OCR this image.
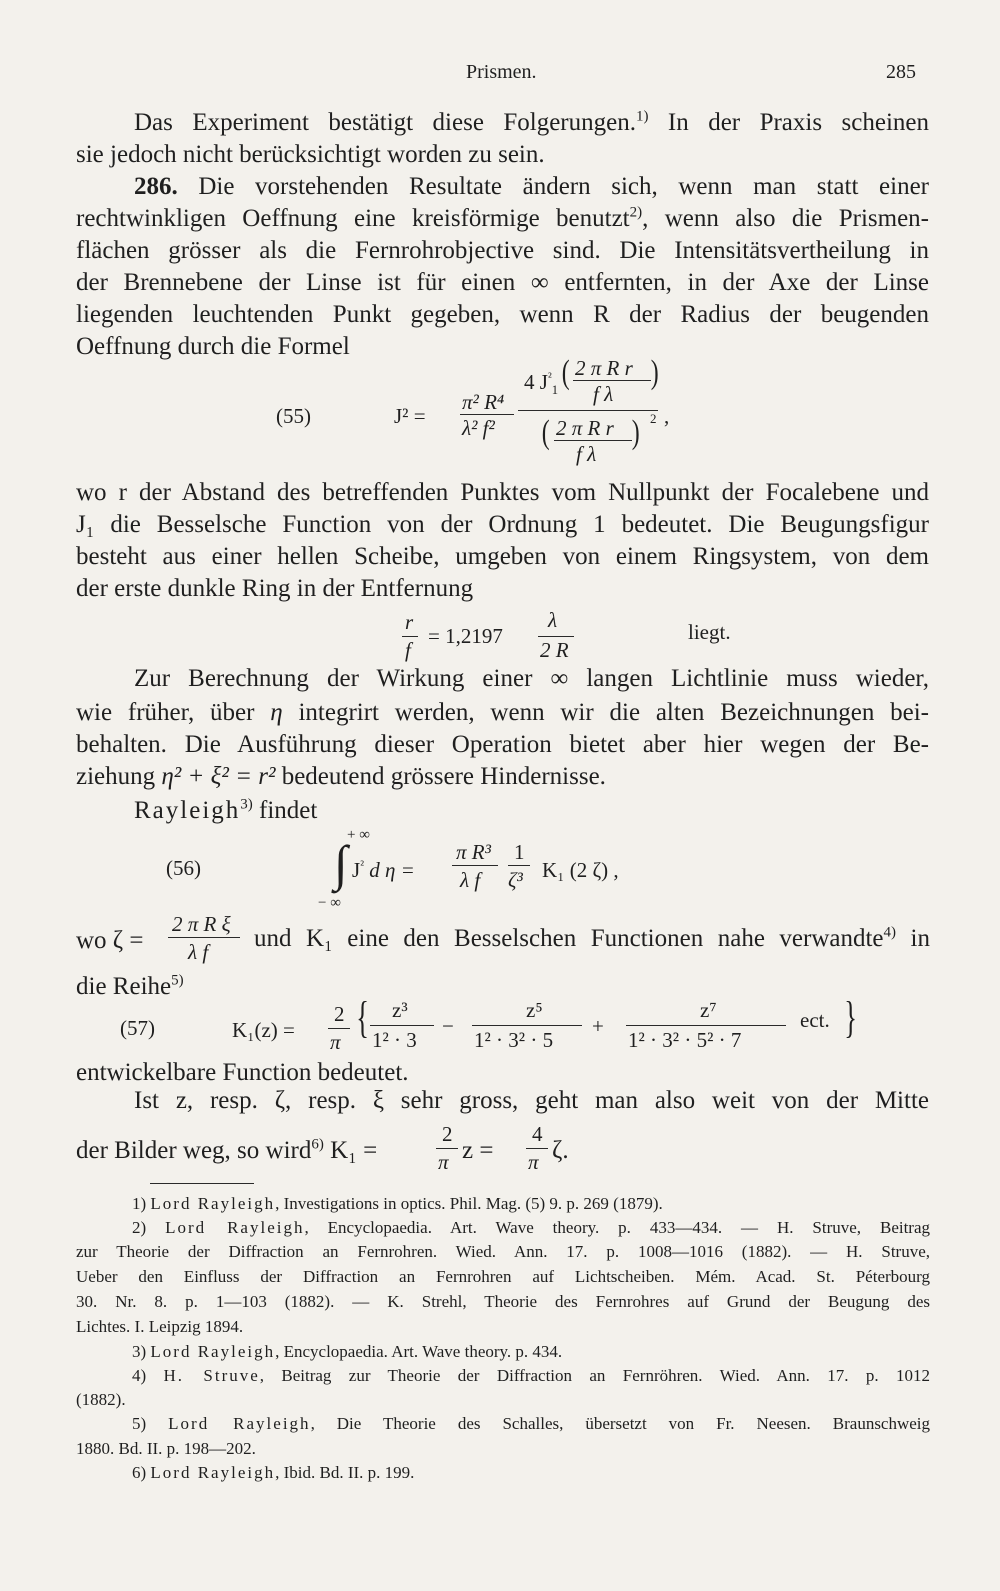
Prismen.	285
Das Experiment bestätigt diese Folgerungen.$^{1)}$ In der Praxis scheinen
sie jedoch nicht berücksichtigt worden zu sein.
286. Die vorstehenden Resultate ändern sich, wenn man statt einer
rechtwinkligen Oeffnung eine kreisförmige benutzt$^{2)}$, wenn also die Prismen-
flächen grösser als die Fernrohrobjective sind. Die Intensitätsvertheilung in
der Brennebene der Linse ist für einen ∞ entfernten, in der Axe der Linse
liegenden leuchtenden Punkt gegeben, wenn R der Radius der beugenden
Oeffnung durch die Formel
(55)	J² =
π² R⁴
λ² f²
4 $J^{^2}_1$ ( 2 π R r
f λ
)
( 2 π R r
f λ
) 2 ,
wo r der Abstand des betreffenden Punktes vom Nullpunkt der Focalebene und
J₁ die Besselsche Function von der Ordnung 1 bedeutet. Die Beugungsfigur
besteht aus einer hellen Scheibe, umgeben von einem Ringsystem, von dem
der erste dunkle Ring in der Entfernung
r
f
= 1,2197
λ
2 R
liegt.
Zur Berechnung der Wirkung einer ∞ langen Lichtlinie muss wieder,
wie früher, über η integrirt werden, wenn wir die alten Bezeichnungen bei-
behalten. Die Ausführung dieser Operation bietet aber hier wegen der Be-
ziehung η² + ξ² = r² bedeutend grössere Hindernisse.
Rayleigh$^{3)}$ findet
(56)
+ ∞
∫
− ∞
$J^{^2}$ d η =
π R³
λ f
1
ζ³ K₁ (2 ζ) ,
wo ζ =
2 π R ξ
λ f und K₁ eine den Besselschen Functionen nahe verwandte$^{4)}$ in
die Reihe$^{5)}$
(57)	K₁(z) =
2
π { z³
1² · 3
−
z⁵
1² · 3² · 5
+
z⁷
1² · 3² · 5² · 7
ect. }
entwickelbare Function bedeutet.
Ist z, resp. ζ, resp. ξ sehr gross, geht man also weit von der Mitte
der Bilder weg, so wird$^{6)}$ K₁ =
2
π z =
4
π ζ.
1) Lord Rayleigh, Investigations in optics. Phil. Mag. (5) 9. p. 269 (1879).
2) Lord Rayleigh, Encyclopaedia. Art. Wave theory. p. 433—434. — H. Struve, Beitrag
zur Theorie der Diffraction an Fernrohren. Wied. Ann. 17. p. 1008—1016 (1882). — H. Struve,
Ueber den Einfluss der Diffraction an Fernrohren auf Lichtscheiben. Mém. Acad. St. Péterbourg
30. Nr. 8. p. 1—103 (1882). — K. Strehl, Theorie des Fernrohres auf Grund der Beugung des
Lichtes. I. Leipzig 1894.
3) Lord Rayleigh, Encyclopaedia. Art. Wave theory. p. 434.
4) H. Struve, Beitrag zur Theorie der Diffraction an Fernröhren. Wied. Ann. 17. p. 1012
(1882).
5) Lord Rayleigh, Die Theorie des Schalles, übersetzt von Fr. Neesen. Braunschweig
1880. Bd. II. p. 198—202.
6) Lord Rayleigh, Ibid. Bd. II. p. 199.
